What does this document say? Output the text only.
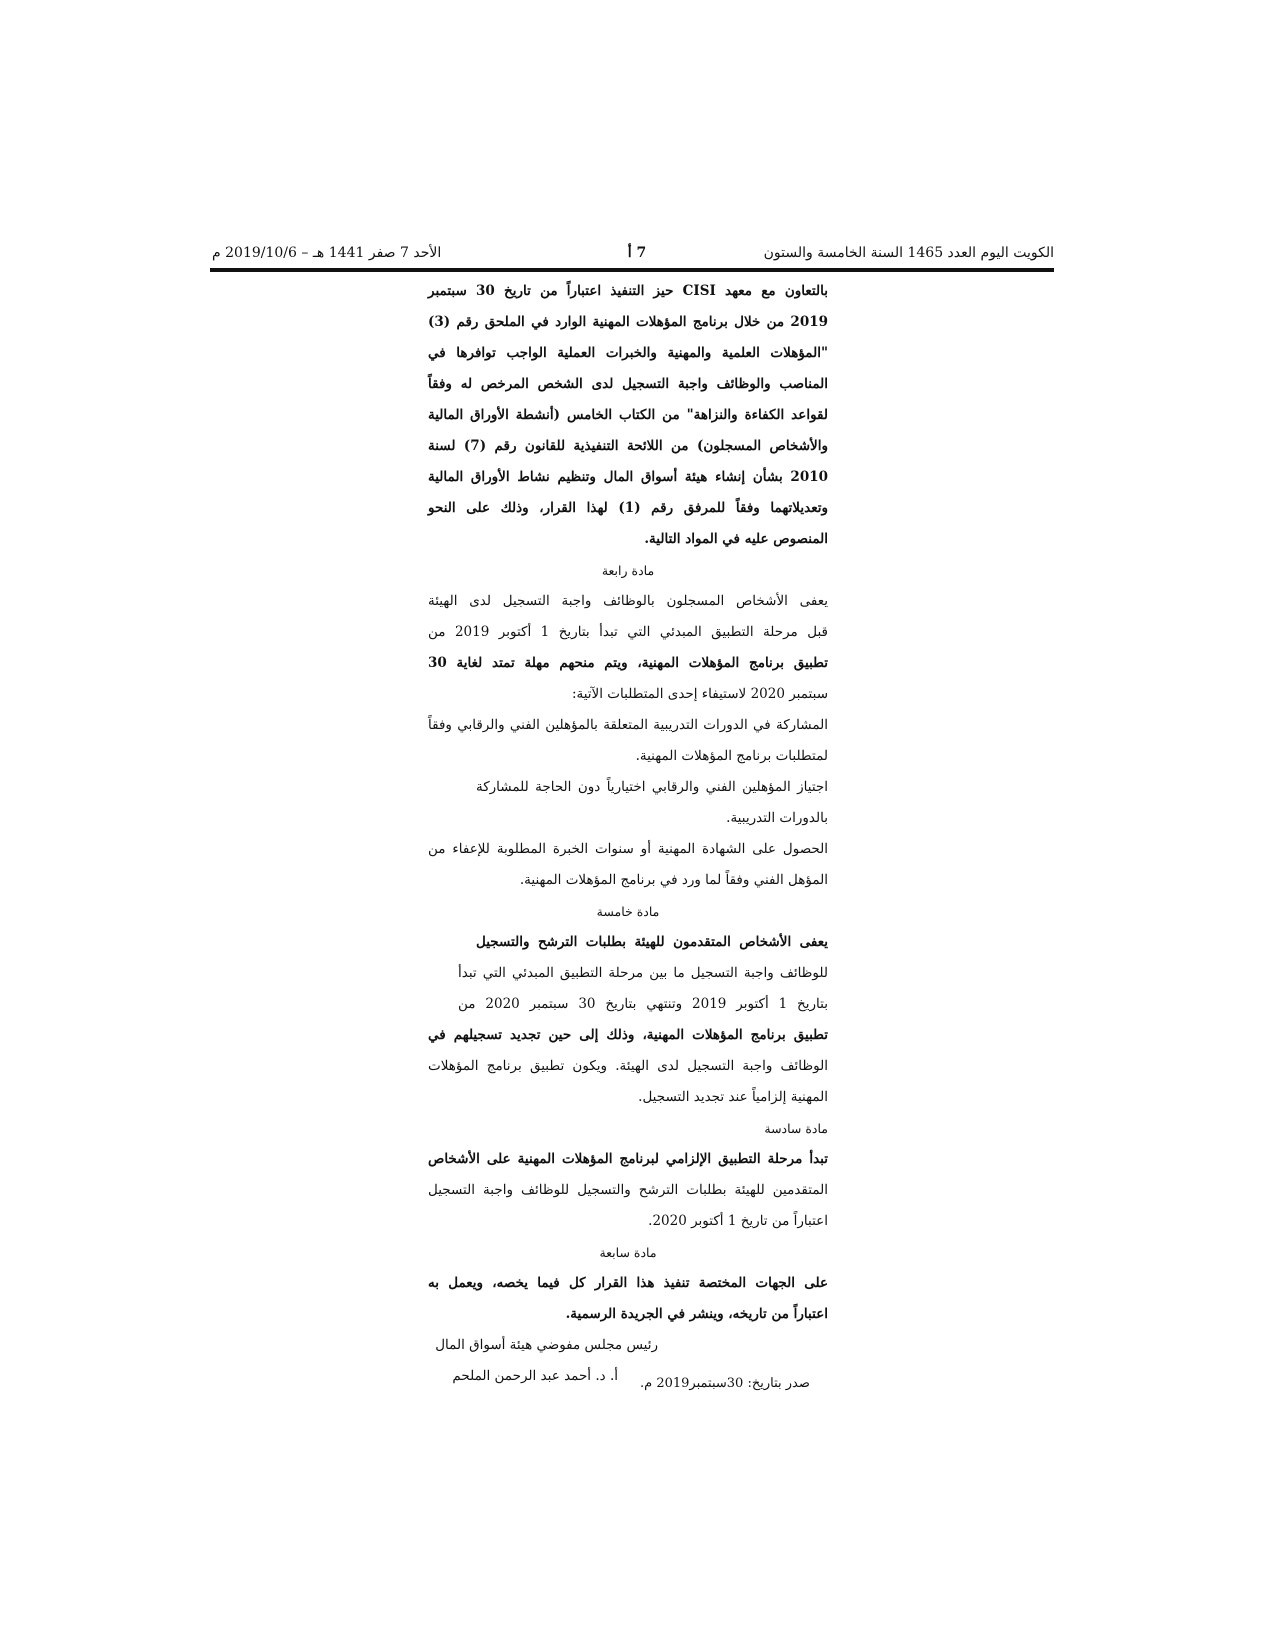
الكويت اليوم العدد 1465 السنة الخامسة والستون
7 أ
الأحد 7 صفر 1441 هـ – 2019/10/6 م
بالتعاون مع معهد CISI حيز التنفيذ اعتباراً من تاريخ 30 سبتمبر
2019 من خلال برنامج المؤهلات المهنية الوارد في الملحق رقم (3)
"المؤهلات العلمية والمهنية والخبرات العملية الواجب توافرها في
المناصب والوظائف واجبة التسجيل لدى الشخص المرخص له وفقاً
لقواعد الكفاءة والنزاهة" من الكتاب الخامس (أنشطة الأوراق المالية
والأشخاص المسجلون) من اللائحة التنفيذية للقانون رقم (7) لسنة
2010 بشأن إنشاء هيئة أسواق المال وتنظيم نشاط الأوراق المالية
وتعديلاتهما وفقاً للمرفق رقم (1) لهذا القرار، وذلك على النحو
المنصوص عليه في المواد التالية.
مادة رابعة
يعفى الأشخاص المسجلون بالوظائف واجبة التسجيل لدى الهيئة
قبل مرحلة التطبيق المبدئي التي تبدأ بتاريخ 1 أكتوبر 2019 من
تطبيق برنامج المؤهلات المهنية، ويتم منحهم مهلة تمتد لغاية 30
سبتمبر 2020 لاستيفاء إحدى المتطلبات الآتية:
المشاركة في الدورات التدريبية المتعلقة بالمؤهلين الفني والرقابي وفقاً
لمتطلبات برنامج المؤهلات المهنية.
اجتياز المؤهلين الفني والرقابي اختيارياً دون الحاجة للمشاركة
بالدورات التدريبية.
الحصول على الشهادة المهنية أو سنوات الخبرة المطلوبة للإعفاء من
المؤهل الفني وفقاً لما ورد في برنامج المؤهلات المهنية.
مادة خامسة
يعفى الأشخاص المتقدمون للهيئة بطلبات الترشح والتسجيل
للوظائف واجبة التسجيل ما بين مرحلة التطبيق المبدئي التي تبدأ
بتاريخ 1 أكتوبر 2019 وتنتهي بتاريخ 30 سبتمبر 2020 من
تطبيق برنامج المؤهلات المهنية، وذلك إلى حين تجديد تسجيلهم في
الوظائف واجبة التسجيل لدى الهيئة. ويكون تطبيق برنامج المؤهلات
المهنية إلزامياً عند تجديد التسجيل.
مادة سادسة
تبدأ مرحلة التطبيق الإلزامي لبرنامج المؤهلات المهنية على الأشخاص
المتقدمين للهيئة بطلبات الترشح والتسجيل للوظائف واجبة التسجيل
اعتباراً من تاريخ 1 أكتوبر 2020.
مادة سابعة
على الجهات المختصة تنفيذ هذا القرار كل فيما يخصه، ويعمل به
اعتباراً من تاريخه، وينشر في الجريدة الرسمية.
رئيس مجلس مفوضي هيئة أسواق المال
أ. د. أحمد عبد الرحمن الملحم	صدر بتاريخ: 30سبتمبر2019 م.
